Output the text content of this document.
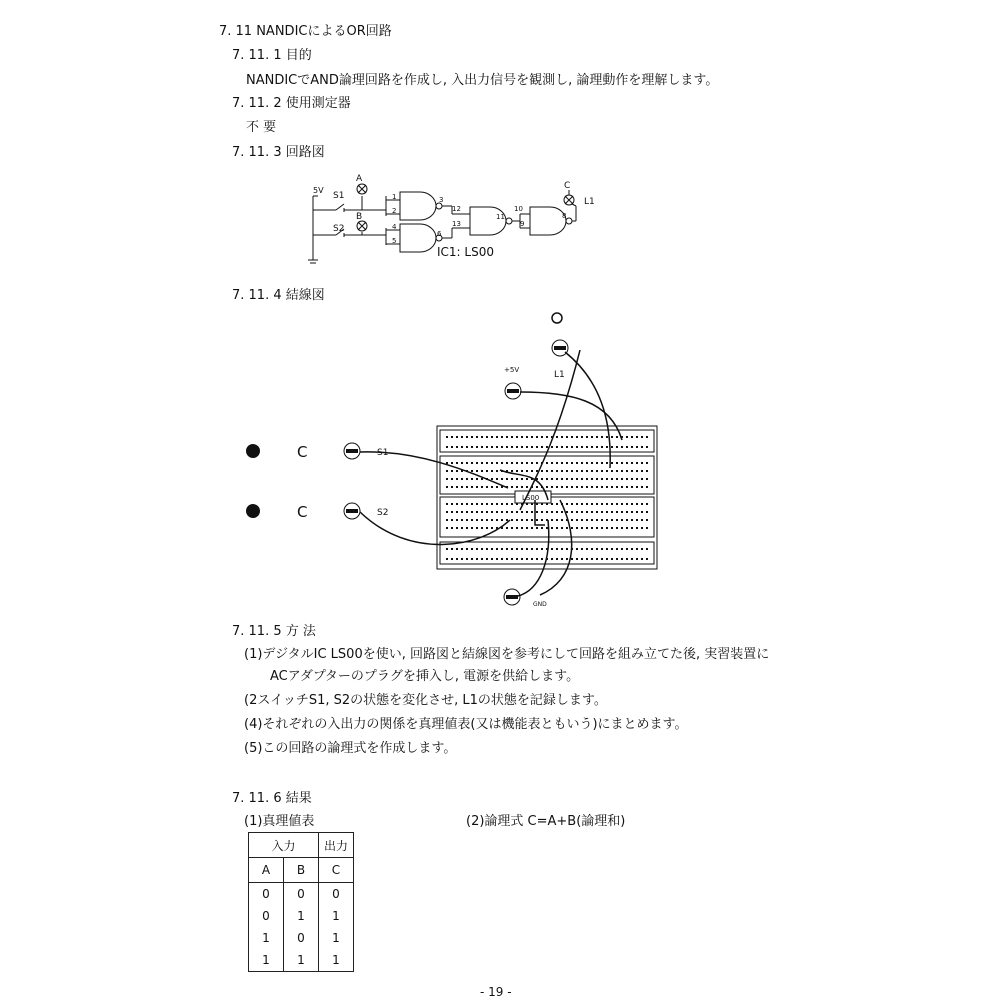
7. 11 NANDICによるOR回路
7. 11. 1 目的
NANDICでAND論理回路を作成し, 入出力信号を観測し, 論理動作を理解します。
7. 11. 2 使用測定器
不 要
7. 11. 3 回路図
7. 11. 4 結線図
7. 11. 5 方 法
(1)デジタルIC LS00を使い, 回路図と結線図を参考にして回路を組み立てた後, 実習装置に
ACアダプターのプラグを挿入し, 電源を供給します。
(2スイッチS1, S2の状態を変化させ, L1の状態を記録します。
(4)それぞれの入出力の関係を真理値表(又は機能表ともいう)にまとめます。
(5)この回路の論理式を作成します。
7. 11. 6 結果
(1)真理値表	(2)論理式 C=A+B(論理和)
- 19 -
5V
S1
S2
A
B
C
L1
1
2
3
4
5
6
12
13
11
10
9
8
IC1: LS00
C
C
LS00
+5V	L1
S1
S2
GND
入力		出力
A	B	C
0	0	0
0	1	1
1	0	1
1	1	1
